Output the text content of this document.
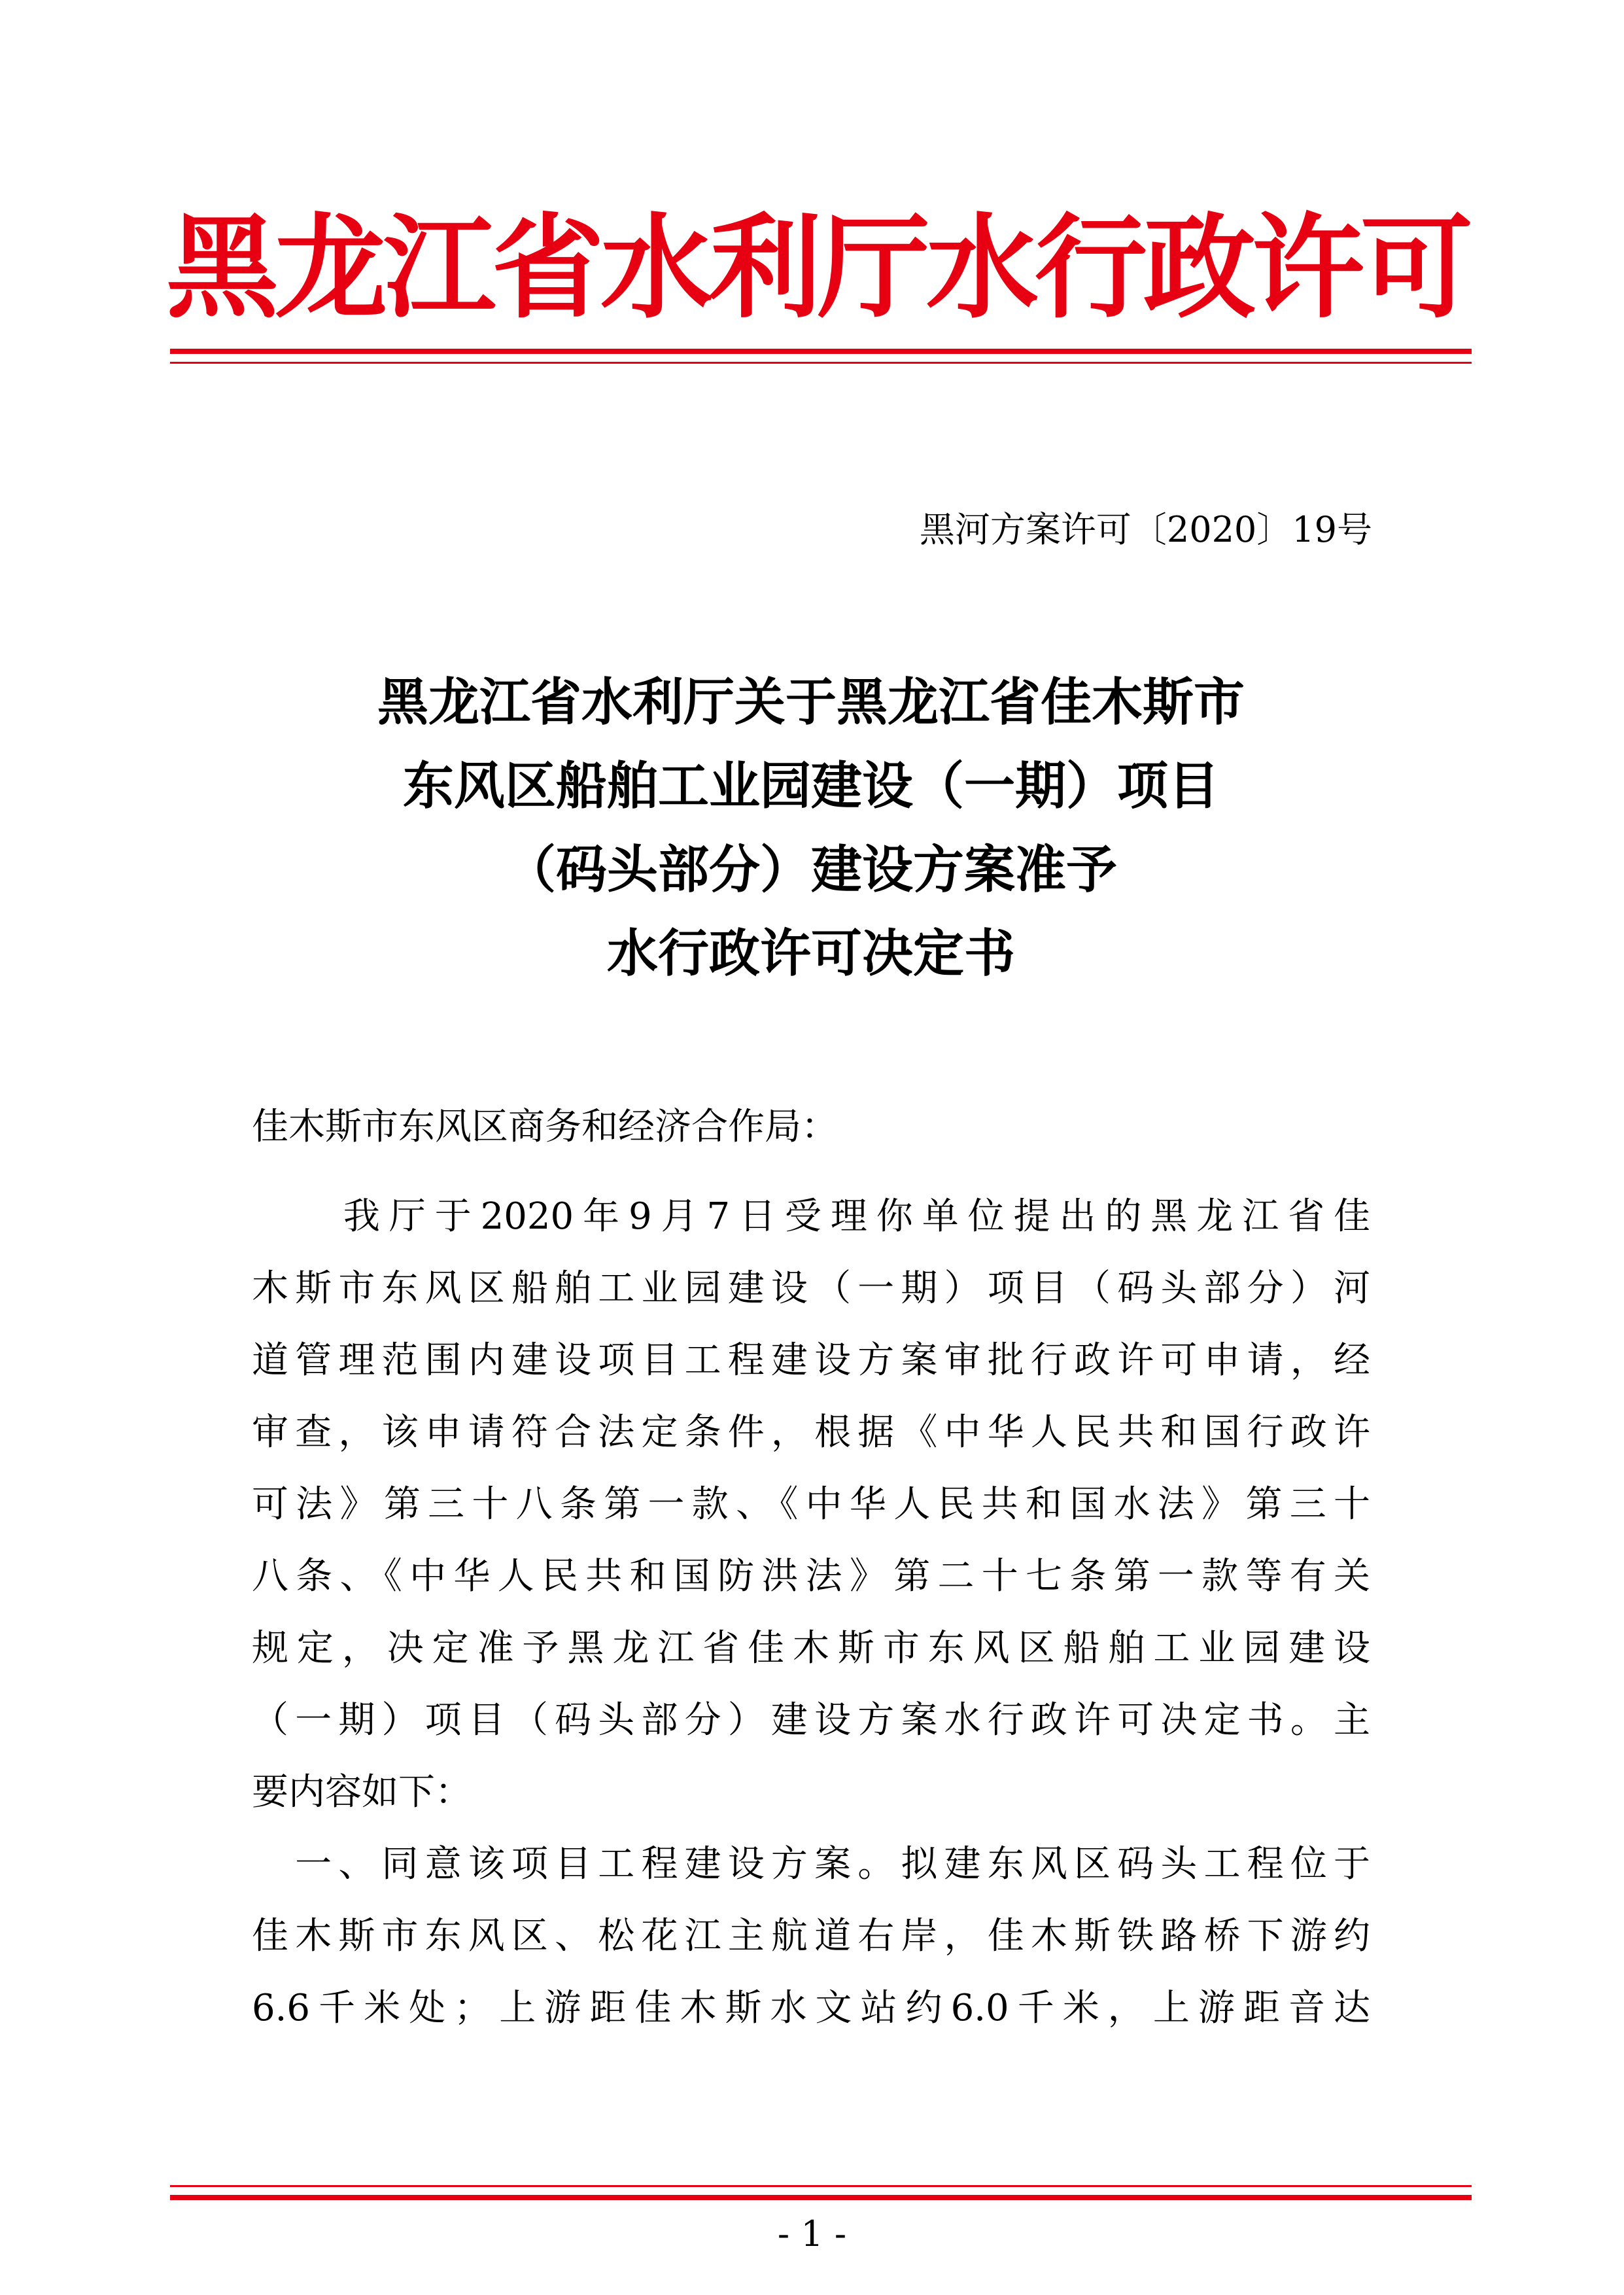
黑龙江省水利厅水行政许可
黑河方案许可〔2020〕19号
黑龙江省水利厅关于黑龙江省佳木斯市
东风区船舶工业园建设（一期）项目
（码头部分）建设方案准予
水行政许可决定书
佳木斯市东风区商务和经济合作局：
　　我厅于2020年9月7日受理你单位提出的黑龙江省佳
木斯市东风区船舶工业园建设（一期）项目（码头部分）河
道管理范围内建设项目工程建设方案审批行政许可申请，经
审查，该申请符合法定条件，根据《中华人民共和国行政许
可法》第三十八条第一款、《中华人民共和国水法》第三十
八条、《中华人民共和国防洪法》第二十七条第一款等有关
规定，决定准予黑龙江省佳木斯市东风区船舶工业园建设
（一期）项目（码头部分）建设方案水行政许可决定书。主
要内容如下：
　一、同意该项目工程建设方案。拟建东风区码头工程位于
佳木斯市东风区、松花江主航道右岸，佳木斯铁路桥下游约
6.6千米处；上游距佳木斯水文站约6.0千米，上游距音达
- 1 -
